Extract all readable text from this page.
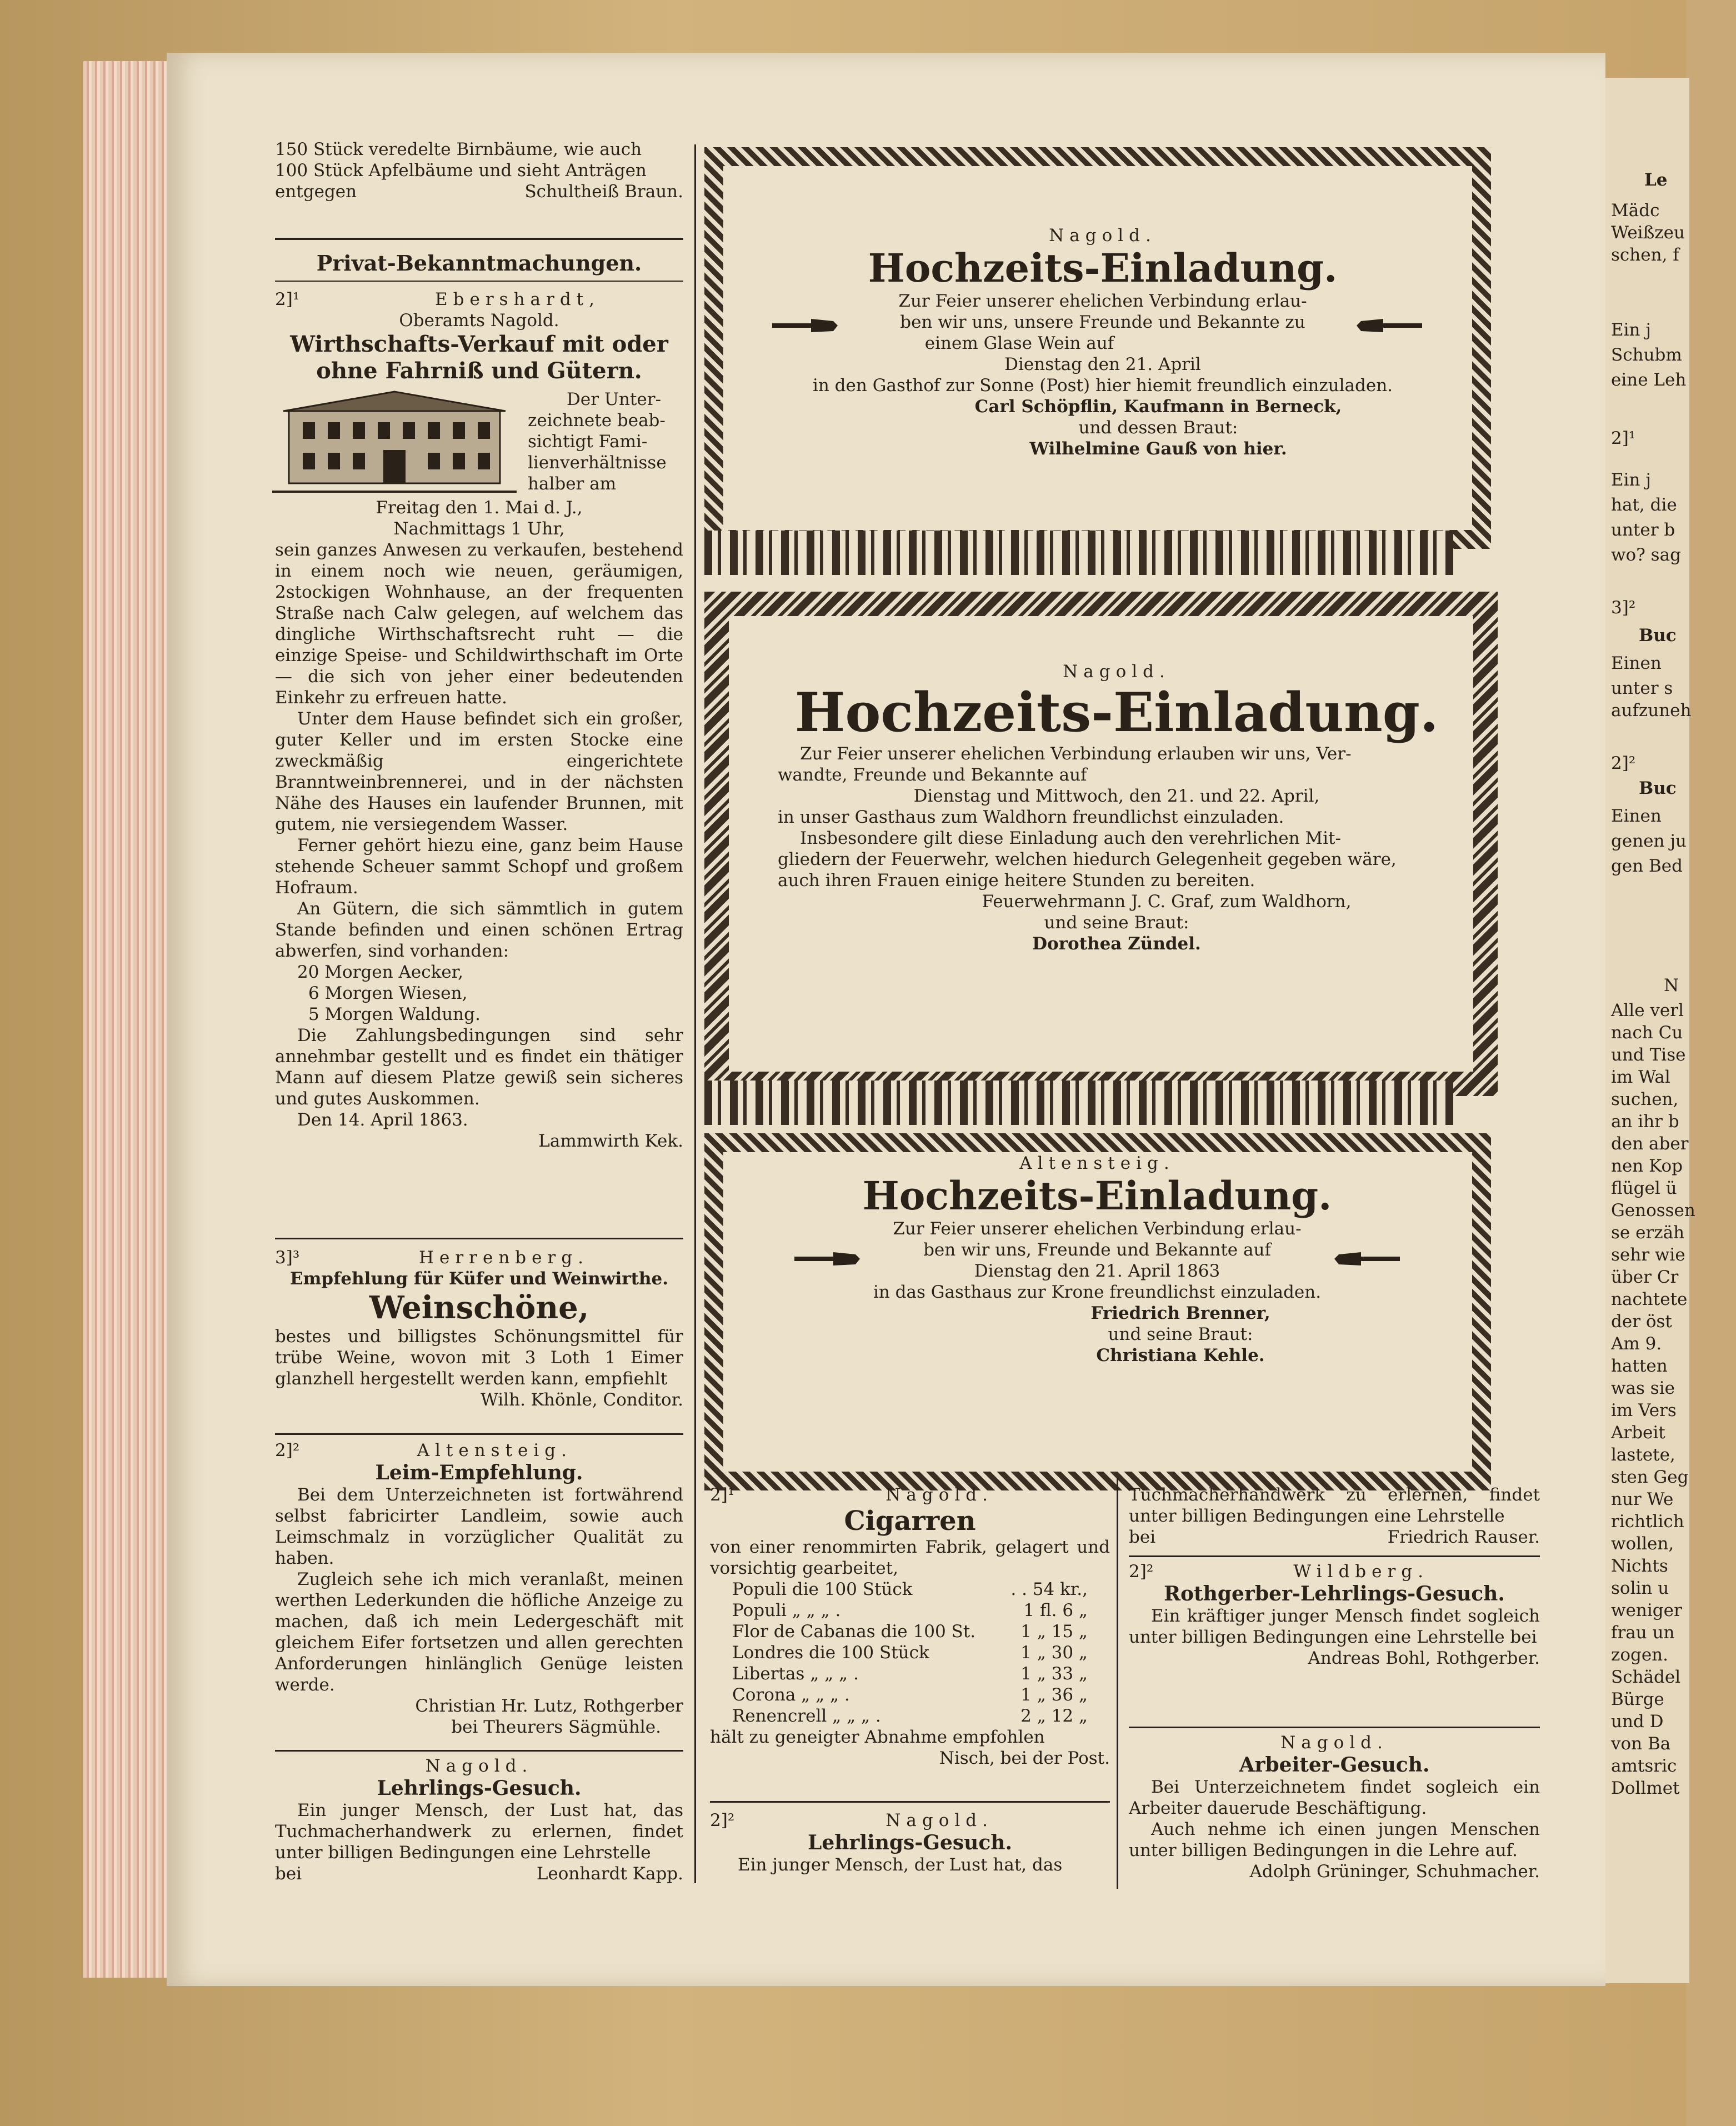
150 Stück veredelte Birnbäume, wie auch
100 Stück Apfelbäume und sieht Anträgen
entgegen	Schultheiß Braun.
Privat-Bekanntmachungen.
2]¹	Ebershardt,
Oberamts Nagold.
Wirthschafts-Verkauf mit oder ohne Fahrniß und Gütern.
Der Unter-
zeichnete beab-
sichtigt Fami-
lienverhältnisse
halber am
Freitag den 1. Mai d. J.,
Nachmittags 1 Uhr,

sein ganzes Anwesen zu verkaufen, bestehend in einem noch wie neuen, geräumigen, 2stockigen Wohnhause, an der frequenten Straße nach Calw gelegen, auf welchem das dingliche Wirthschaftsrecht ruht — die einzige Speise- und Schildwirthschaft im Orte — die sich von jeher einer bedeutenden Einkehr zu erfreuen hatte.

Unter dem Hause befindet sich ein großer, guter Keller und im ersten Stocke eine zweckmäßig eingerichtete Branntweinbrennerei, und in der nächsten Nähe des Hauses ein laufender Brunnen, mit gutem, nie versiegendem Wasser.

Ferner gehört hiezu eine, ganz beim Hause stehende Scheuer sammt Schopf und großem Hofraum.

An Gütern, die sich sämmtlich in gutem Stande befinden und einen schönen Ertrag abwerfen, sind vorhanden:

20 Morgen Aecker,
6 Morgen Wiesen,
5 Morgen Waldung.

Die Zahlungsbedingungen sind sehr annehmbar gestellt und es findet ein thätiger Mann auf diesem Platze gewiß sein sicheres und gutes Auskommen.

Den 14. April 1863.
Lammwirth Kek.
3]³	Herrenberg.
Empfehlung für Küfer und Weinwirthe.
Weinschöne,

bestes und billigstes Schönungsmittel für trübe Weine, wovon mit 3 Loth 1 Eimer glanzhell hergestellt werden kann, empfiehlt

Wilh. Khönle, Conditor.
2]²	Altensteig.
Leim-Empfehlung.

Bei dem Unterzeichneten ist fortwährend selbst fabricirter Landleim, sowie auch Leimschmalz in vorzüglicher Qualität zu haben.

Zugleich sehe ich mich veranlaßt, meinen werthen Lederkunden die höfliche Anzeige zu machen, daß ich mein Ledergeschäft mit gleichem Eifer fortsetzen und allen gerechten Anforderungen hinlänglich Genüge leisten werde.

Christian Hr. Lutz, Rothgerber
bei Theurers Sägmühle.
Nagold.
Lehrlings-Gesuch.

Ein junger Mensch, der Lust hat, das Tuchmacherhandwerk zu erlernen, findet unter billigen Bedingungen eine Lehrstelle

bei	Leonhardt Kapp.
Nagold.
Hochzeits-Einladung.
Zur Feier unserer ehelichen Verbindung erlau-
ben wir uns, unsere Freunde und Bekannte zu
einem Glase Wein auf
Dienstag den 21. April
in den Gasthof zur Sonne (Post) hier hiemit freundlich einzuladen.
Carl Schöpflin, Kaufmann in Berneck,
und dessen Braut:
Wilhelmine Gauß von hier.
Nagold.
Hochzeits-Einladung.
Zur Feier unserer ehelichen Verbindung erlauben wir uns, Ver-
wandte, Freunde und Bekannte auf
Dienstag und Mittwoch, den 21. und 22. April,
in unser Gasthaus zum Waldhorn freundlichst einzuladen.
Insbesondere gilt diese Einladung auch den verehrlichen Mit-
gliedern der Feuerwehr, welchen hiedurch Gelegenheit gegeben wäre,
auch ihren Frauen einige heitere Stunden zu bereiten.
Feuerwehrmann J. C. Graf, zum Waldhorn,
und seine Braut:
Dorothea Zündel.
Altensteig.
Hochzeits-Einladung.
Zur Feier unserer ehelichen Verbindung erlau-
ben wir uns, Freunde und Bekannte auf
Dienstag den 21. April 1863
in das Gasthaus zur Krone freundlichst einzuladen.
Friedrich Brenner,
und seine Braut:
Christiana Kehle.
2]¹	Nagold.
Cigarren

von einer renommirten Fabrik, gelagert und vorsichtig gearbeitet,

Populi die 100 Stück	. . 54 kr.,
Populi „ „ „ .	1 fl. 6 „
Flor de Cabanas die 100 St.	1 „ 15 „
Londres die 100 Stück	1 „ 30 „
Libertas „ „ „ .	1 „ 33 „
Corona „ „ „ .	1 „ 36 „
Renencrell „ „ „ .	2 „ 12 „
hält zu geneigter Abnahme empfohlen
Nisch, bei der Post.
2]²	Nagold.
Lehrlings-Gesuch.
Ein junger Mensch, der Lust hat, das

Tuchmacherhandwerk zu erlernen, findet unter billigen Bedingungen eine Lehrstelle

bei	Friedrich Rauser.
2]²	Wildberg.
Rothgerber-Lehrlings-Gesuch.

Ein kräftiger junger Mensch findet sogleich unter billigen Bedingungen eine Lehrstelle bei

Andreas Bohl, Rothgerber.
Nagold.
Arbeiter-Gesuch.

Bei Unterzeichnetem findet sogleich ein Arbeiter dauerude Beschäftigung.

Auch nehme ich einen jungen Menschen unter billigen Bedingungen in die Lehre auf.

Adolph Grüninger, Schuhmacher.
Le
Mädc
Weißzeu
schen, f
Ein j
Schubm
eine Leh
2]¹
Ein j
hat, die
unter b
wo? sag
3]²
Buc
Einen
unter s
aufzuneh
2]²
Buc
Einen
genen ju
gen Bed
N
Alle verl
nach Cu
und Tise
im Wal
suchen,
an ihr b
den aber
nen Kop
flügel ü
Genossen
se erzäh
sehr wie
über Cr
nachtete
der öst
Am 9.
hatten
was sie
im Vers
Arbeit
lastete,
sten Geg
nur We
richtlich
wollen,
Nichts
solin u
weniger
frau un
zogen.
Schädel
Bürge
und D
von Ba
amtsric
Dollmet
